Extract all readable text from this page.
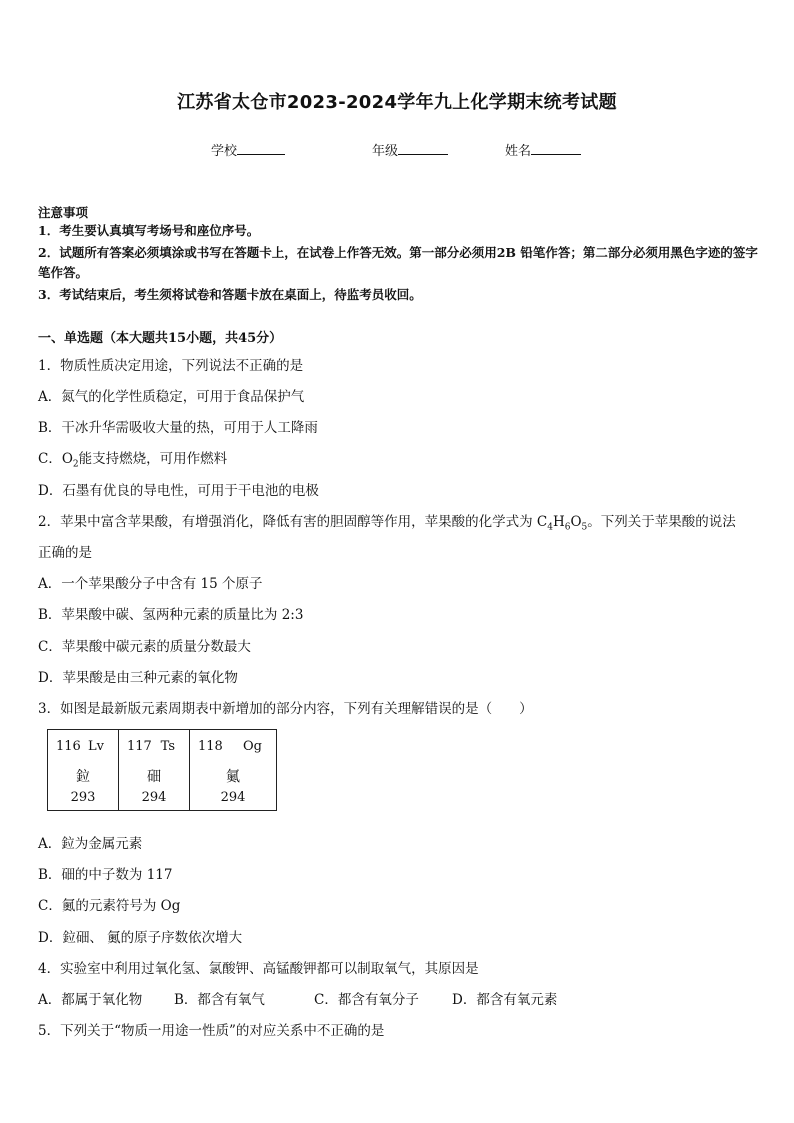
江苏省太仓市2023-2024学年九上化学期末统考试题
学校	年级	姓名
注意事项
1．考生要认真填写考场号和座位序号。
2．试题所有答案必须填涂或书写在答题卡上，在试卷上作答无效。第一部分必须用2B 铅笔作答；第二部分必须用黑色字迹的签字笔作答。
3．考试结束后，考生须将试卷和答题卡放在桌面上，待监考员收回。
一、单选题（本大题共15小题，共45分）
1．物质性质决定用途，下列说法不正确的是
A．氮气的化学性质稳定，可用于食品保护气
B．干冰升华需吸收大量的热，可用于人工降雨
C．$O_2$能支持燃烧，可用作燃料
D．石墨有优良的导电性，可用于干电池的电极
2．苹果中富含苹果酸，有增强消化，降低有害的胆固醇等作用，苹果酸的化学式为 $C_4H_6O_5$。下列关于苹果酸的说法
正确的是
A．一个苹果酸分子中含有 15 个原子
B．苹果酸中碳、氢两种元素的质量比为 2:3
C．苹果酸中碳元素的质量分数最大
D．苹果酸是由三种元素的氧化物
3．如图是最新版元素周期表中新增加的部分内容，下列有关理解错误的是（　　）
116 Lv
鉝
293

117 Ts
鿬
294

118 Og
鿫
294
A．鉝为金属元素
B．鿬的中子数为 117
C．鿫的元素符号为 Og
D．鉝鿬、 鿫的原子序数依次增大
4．实验室中利用过氧化氢、氯酸钾、高锰酸钾都可以制取氧气，其原因是
A．都属于氧化物 B．都含有氧气	C．都含有氧分子 D．都含有氧元素
5．下列关于“物质一用途一性质”的对应关系中不正确的是
